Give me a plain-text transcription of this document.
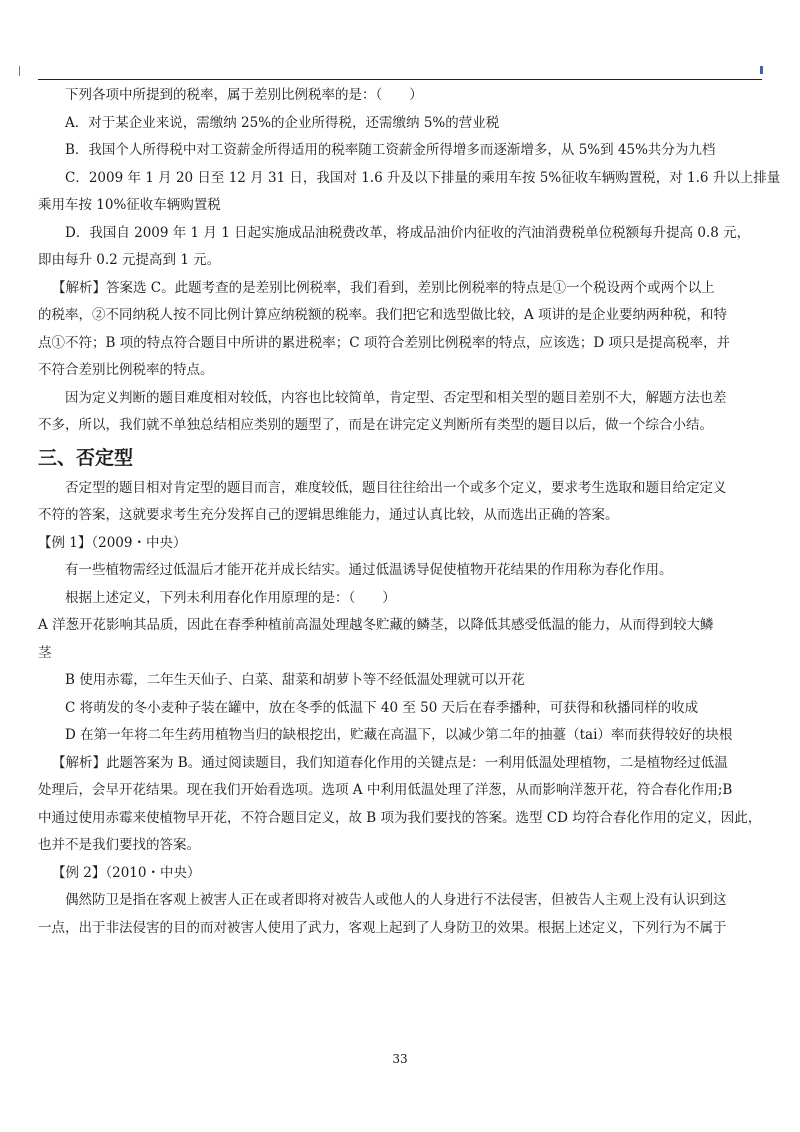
下列各项中所提到的税率，属于差别比例税率的是：（　　）

A．对于某企业来说，需缴纳 25%的企业所得税，还需缴纳 5%的营业税

B．我国个人所得税中对工资薪金所得适用的税率随工资薪金所得增多而逐渐增多，从 5%到 45%共分为九档

C．2009 年 1 月 20 日至 12 月 31 日，我国对 1.6 升及以下排量的乘用车按 5%征收车辆购置税，对 1.6 升以上排量

乘用车按 10%征收车辆购置税

D．我国自 2009 年 1 月 1 日起实施成品油税费改革，将成品油价内征收的汽油消费税单位税额每升提高 0.8 元，

即由每升 0.2 元提高到 1 元。

【解析】答案选 C。此题考查的是差别比例税率，我们看到，差别比例税率的特点是①一个税设两个或两个以上

的税率，②不同纳税人按不同比例计算应纳税额的税率。我们把它和选型做比较，A 项讲的是企业要纳两种税，和特

点①不符；B 项的特点符合题目中所讲的累进税率；C 项符合差别比例税率的特点，应该选；D 项只是提高税率，并

不符合差别比例税率的特点。

因为定义判断的题目难度相对较低，内容也比较简单，肯定型、否定型和相关型的题目差别不大，解题方法也差

不多，所以，我们就不单独总结相应类别的题型了，而是在讲完定义判断所有类型的题目以后，做一个综合小结。

三、否定型

否定型的题目相对肯定型的题目而言，难度较低，题目往往给出一个或多个定义，要求考生选取和题目给定定义

不符的答案，这就要求考生充分发挥自己的逻辑思维能力，通过认真比较，从而选出正确的答案。

【例 1】（2009・中央）

有一些植物需经过低温后才能开花并成长结实。通过低温诱导促使植物开花结果的作用称为春化作用。

根据上述定义，下列未利用春化作用原理的是：（　　）

A 洋葱开花影响其品质，因此在春季种植前高温处理越冬贮藏的鳞茎，以降低其感受低温的能力，从而得到较大鳞

茎

B 使用赤霉，二年生天仙子、白菜、甜菜和胡萝卜等不经低温处理就可以开花

C 将萌发的冬小麦种子装在罐中，放在冬季的低温下 40 至 50 天后在春季播种，可获得和秋播同样的收成

D 在第一年将二年生药用植物当归的缺根挖出，贮藏在高温下，以减少第二年的抽薹（tai）率而获得较好的块根

【解析】此题答案为 B。通过阅读题目，我们知道春化作用的关键点是：一利用低温处理植物，二是植物经过低温

处理后，会早开花结果。现在我们开始看选项。选项 A 中利用低温处理了洋葱，从而影响洋葱开花，符合春化作用;B

中通过使用赤霉来使植物早开花，不符合题目定义，故 B 项为我们要找的答案。选型 CD 均符合春化作用的定义，因此，

也并不是我们要找的答案。

【例 2】（2010・中央）

偶然防卫是指在客观上被害人正在或者即将对被告人或他人的人身进行不法侵害，但被告人主观上没有认识到这

一点，出于非法侵害的目的而对被害人使用了武力，客观上起到了人身防卫的效果。根据上述定义，下列行为不属于

33
